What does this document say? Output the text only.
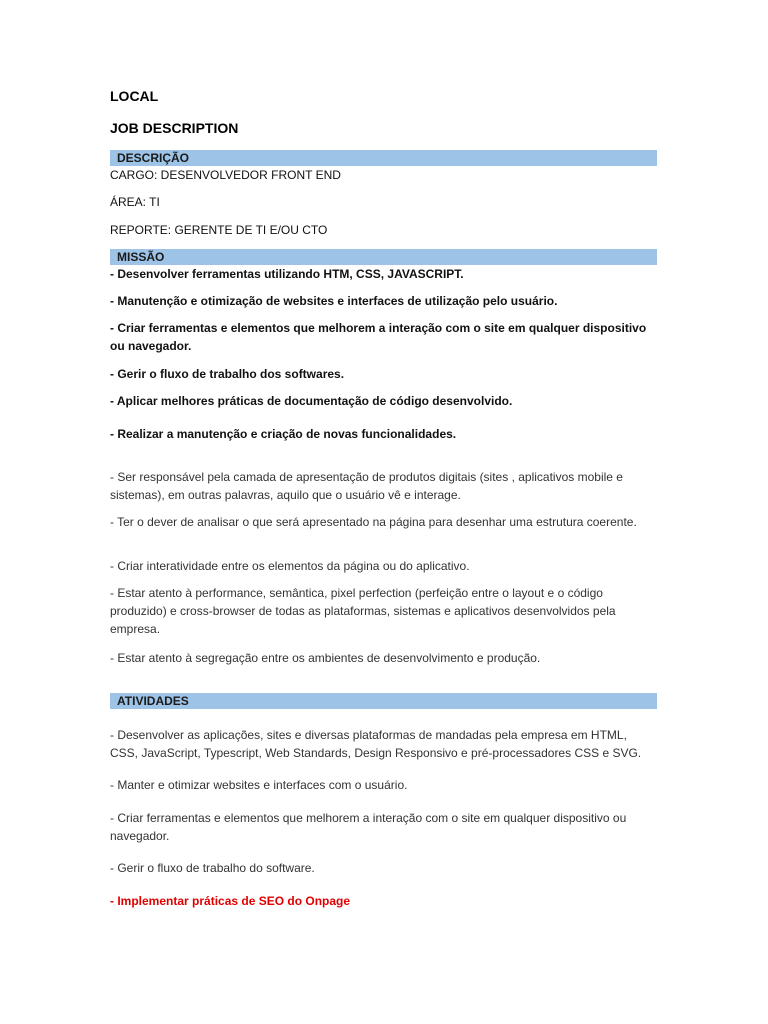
LOCAL

JOB DESCRIPTION

DESCRIÇÃO

CARGO: DESENVOLVEDOR FRONT END

ÁREA: TI

REPORTE: GERENTE DE TI E/OU CTO

MISSÃO

- Desenvolver ferramentas utilizando HTM, CSS, JAVASCRIPT.

- Manutenção e otimização de websites e interfaces de utilização pelo usuário.

- Criar ferramentas e elementos que melhorem a interação com o site em qualquer dispositivo ou navegador.

- Gerir o fluxo de trabalho dos softwares.

- Aplicar melhores práticas de documentação de código desenvolvido.

- Realizar a manutenção e criação de novas funcionalidades.

- Ser responsável pela camada de apresentação de produtos digitais (sites , aplicativos mobile e sistemas), em outras palavras, aquilo que o usuário vê e interage.

- Ter o dever de analisar o que será apresentado na página para desenhar uma estrutura coerente.

- Criar interatividade entre os elementos da página ou do aplicativo.

- Estar atento à performance, semântica, pixel perfection (perfeição entre o layout e o código produzido) e cross-browser de todas as plataformas, sistemas e aplicativos desenvolvidos pela empresa.

- Estar atento à segregação entre os ambientes de desenvolvimento e produção.

ATIVIDADES

- Desenvolver as aplicações, sites e diversas plataformas de mandadas pela empresa em HTML, CSS, JavaScript, Typescript, Web Standards, Design Responsivo e pré-processadores CSS e SVG.

- Manter e otimizar websites e interfaces com o usuário.

- Criar ferramentas e elementos que melhorem a interação com o site em qualquer dispositivo ou navegador.

- Gerir o fluxo de trabalho do software.

- Implementar práticas de SEO do Onpage
